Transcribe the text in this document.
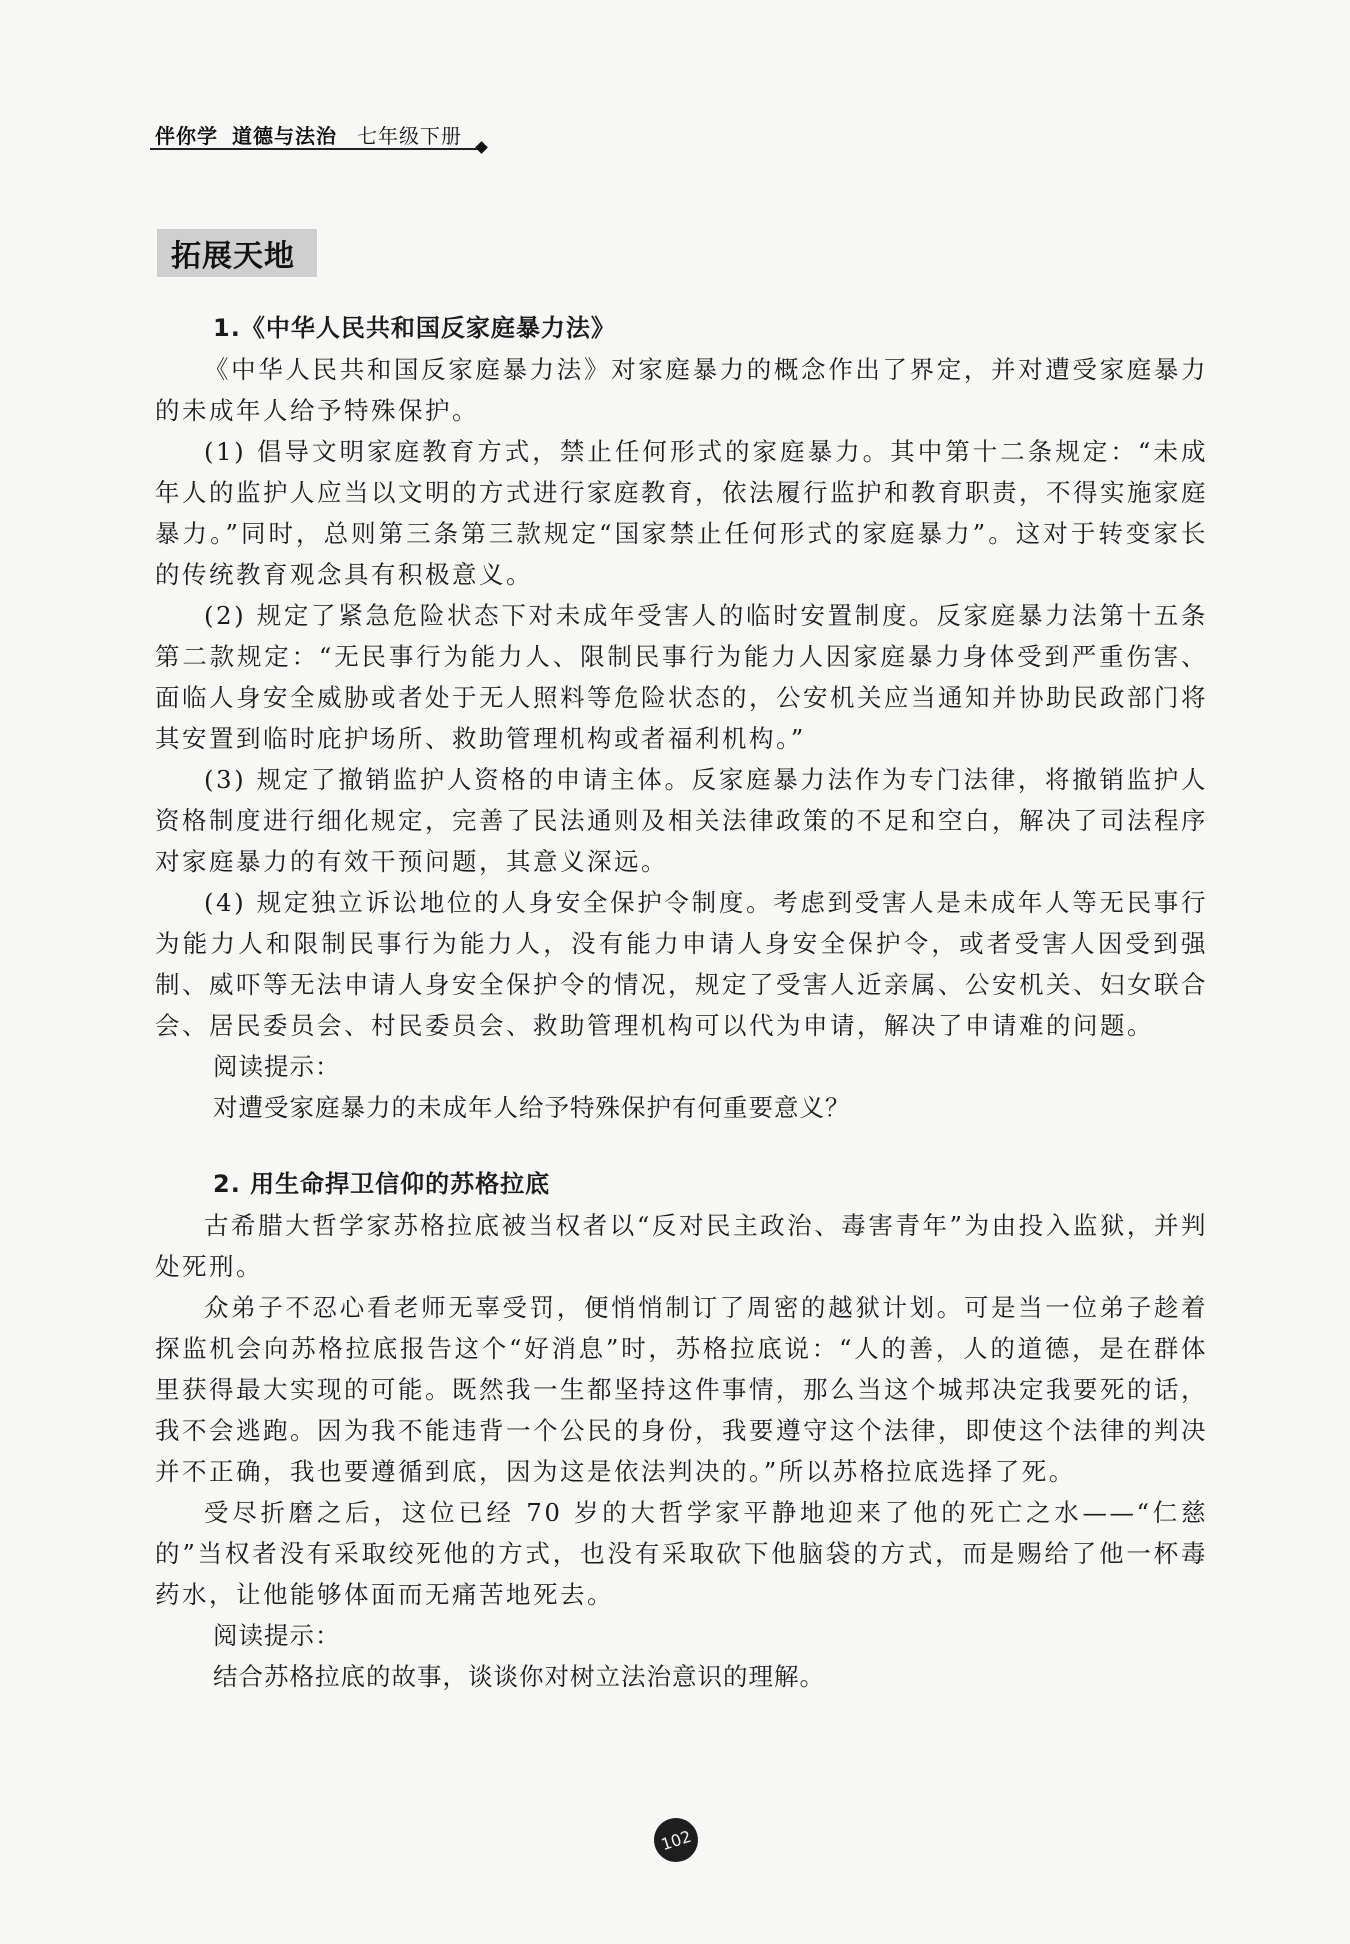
伴你学 道德与法治 七年级下册
拓展天地
1.《中华人民共和国反家庭暴力法》

《中华人民共和国反家庭暴力法》对家庭暴力的概念作出了界定，并对遭受家庭暴力的未成年人给予特殊保护。

(1) 倡导文明家庭教育方式，禁止任何形式的家庭暴力。其中第十二条规定：“未成年人的监护人应当以文明的方式进行家庭教育，依法履行监护和教育职责，不得实施家庭暴力。”同时，总则第三条第三款规定“国家禁止任何形式的家庭暴力”。这对于转变家长的传统教育观念具有积极意义。

(2) 规定了紧急危险状态下对未成年受害人的临时安置制度。反家庭暴力法第十五条第二款规定：“无民事行为能力人、限制民事行为能力人因家庭暴力身体受到严重伤害、面临人身安全威胁或者处于无人照料等危险状态的，公安机关应当通知并协助民政部门将其安置到临时庇护场所、救助管理机构或者福利机构。”

(3) 规定了撤销监护人资格的申请主体。反家庭暴力法作为专门法律，将撤销监护人资格制度进行细化规定，完善了民法通则及相关法律政策的不足和空白，解决了司法程序对家庭暴力的有效干预问题，其意义深远。

(4) 规定独立诉讼地位的人身安全保护令制度。考虑到受害人是未成年人等无民事行为能力人和限制民事行为能力人，没有能力申请人身安全保护令，或者受害人因受到强制、威吓等无法申请人身安全保护令的情况，规定了受害人近亲属、公安机关、妇女联合会、居民委员会、村民委员会、救助管理机构可以代为申请，解决了申请难的问题。

阅读提示：

对遭受家庭暴力的未成年人给予特殊保护有何重要意义？

2. 用生命捍卫信仰的苏格拉底

古希腊大哲学家苏格拉底被当权者以“反对民主政治、毒害青年”为由投入监狱，并判处死刑。

众弟子不忍心看老师无辜受罚，便悄悄制订了周密的越狱计划。可是当一位弟子趁着探监机会向苏格拉底报告这个“好消息”时，苏格拉底说：“人的善，人的道德，是在群体里获得最大实现的可能。既然我一生都坚持这件事情，那么当这个城邦决定我要死的话，我不会逃跑。因为我不能违背一个公民的身份，我要遵守这个法律，即使这个法律的判决并不正确，我也要遵循到底，因为这是依法判决的。”所以苏格拉底选择了死。

受尽折磨之后，这位已经 70 岁的大哲学家平静地迎来了他的死亡之水——“仁慈的”当权者没有采取绞死他的方式，也没有采取砍下他脑袋的方式，而是赐给了他一杯毒药水，让他能够体面而无痛苦地死去。

阅读提示：

结合苏格拉底的故事，谈谈你对树立法治意识的理解。

102
